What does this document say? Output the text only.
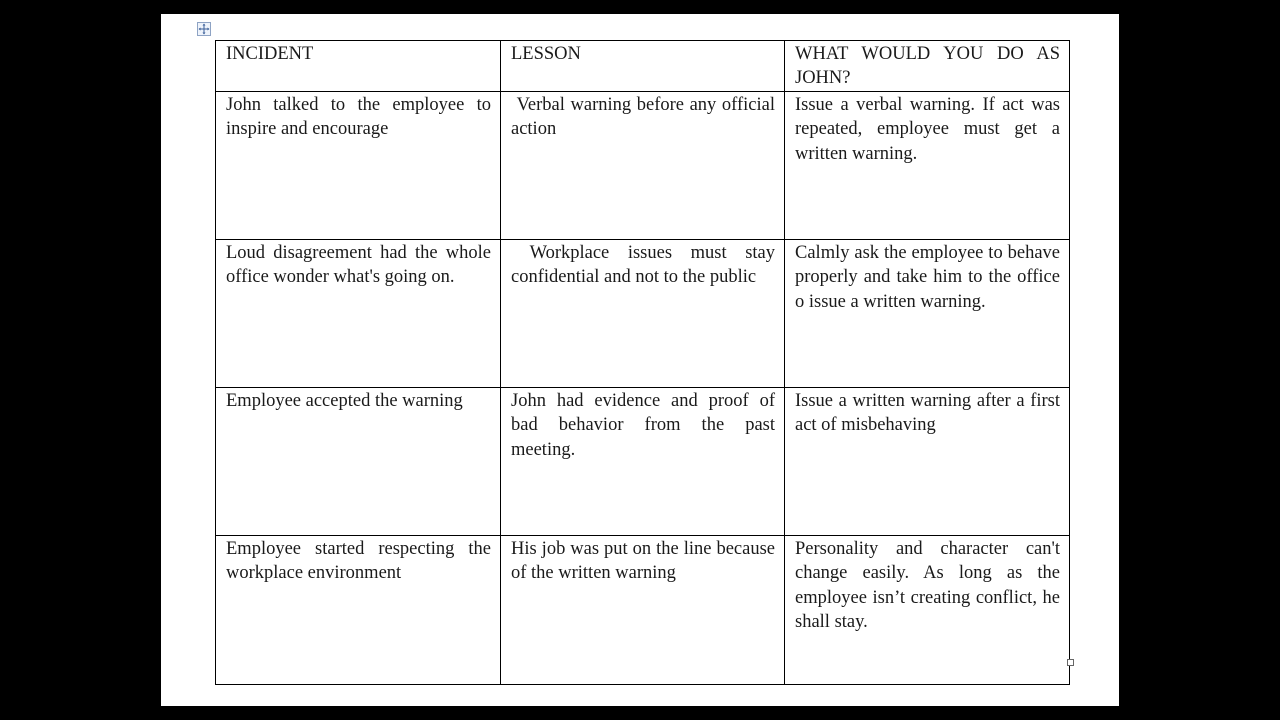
INCIDENT	LESSON	WHAT WOULD YOU DO AS JOHN?
John talked to the employee to inspire and encourage	Verbal warning before any official action	Issue a verbal warning. If act was repeated, employee must get a written warning.
Loud disagreement had the whole office wonder what's going on.	Workplace issues must stay confidential and not to the public	Calmly ask the employee to behave properly and take him to the office o issue a written warning.
Employee accepted the warning	John had evidence and proof of bad behavior from the past meeting.	Issue a written warning after a first act of misbehaving
Employee started respecting the workplace environment	His job was put on the line because of the written warning	Personality and character can't change easily. As long as the employee isn’t creating conflict, he shall stay.
